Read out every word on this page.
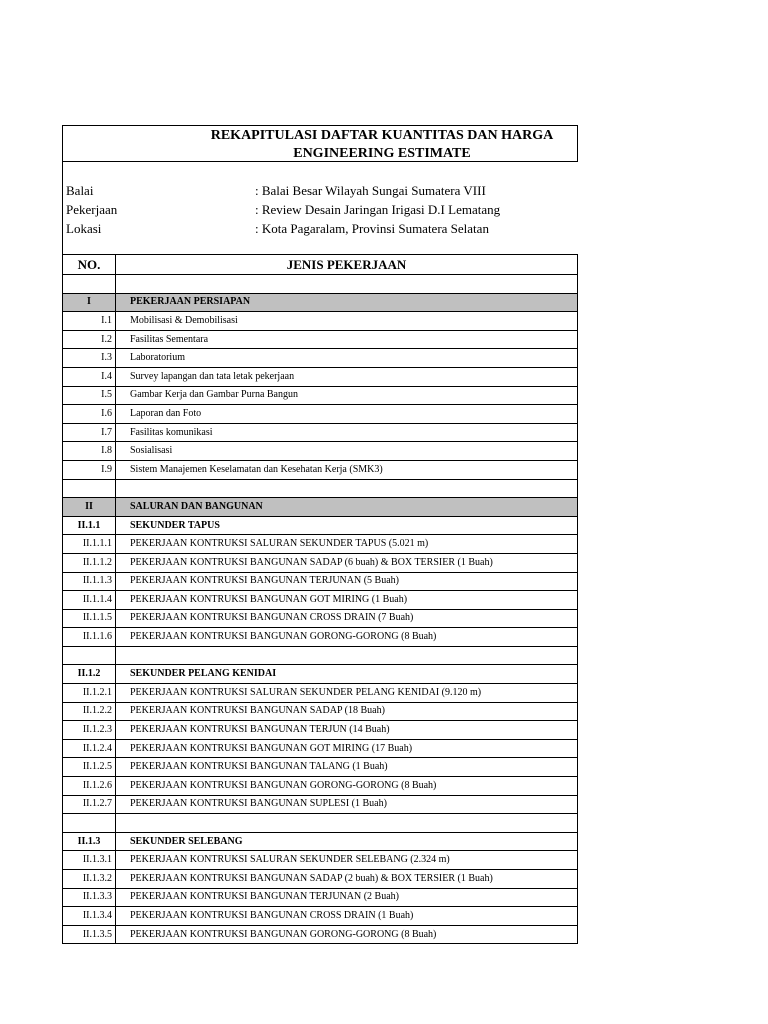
REKAPITULASI DAFTAR KUANTITAS DAN HARGA
ENGINEERING ESTIMATE
Balai	: Balai Besar Wilayah Sungai Sumatera VIII
Pekerjaan	: Review Desain Jaringan Irigasi D.I Lematang
Lokasi	: Kota Pagaralam, Provinsi Sumatera Selatan
NO.	JENIS PEKERJAAN

I	PEKERJAAN PERSIAPAN
I.1	Mobilisasi & Demobilisasi
I.2	Fasilitas Sementara
I.3	Laboratorium
I.4	Survey lapangan dan tata letak pekerjaan
I.5	Gambar Kerja dan Gambar Purna Bangun
I.6	Laporan dan Foto
I.7	Fasilitas komunikasi
I.8	Sosialisasi
I.9	Sistem Manajemen Keselamatan dan Kesehatan Kerja (SMK3)

II	SALURAN DAN BANGUNAN
II.1.1	SEKUNDER TAPUS
II.1.1.1	PEKERJAAN KONTRUKSI SALURAN SEKUNDER TAPUS (5.021 m)
II.1.1.2	PEKERJAAN KONTRUKSI BANGUNAN SADAP (6 buah) & BOX TERSIER (1 Buah)
II.1.1.3	PEKERJAAN KONTRUKSI BANGUNAN TERJUNAN (5 Buah)
II.1.1.4	PEKERJAAN KONTRUKSI BANGUNAN GOT MIRING (1 Buah)
II.1.1.5	PEKERJAAN KONTRUKSI BANGUNAN CROSS DRAIN (7 Buah)
II.1.1.6	PEKERJAAN KONTRUKSI BANGUNAN GORONG-GORONG (8 Buah)

II.1.2	SEKUNDER PELANG KENIDAI
II.1.2.1	PEKERJAAN KONTRUKSI SALURAN SEKUNDER PELANG KENIDAI (9.120 m)
II.1.2.2	PEKERJAAN KONTRUKSI BANGUNAN SADAP (18 Buah)
II.1.2.3	PEKERJAAN KONTRUKSI BANGUNAN TERJUN (14 Buah)
II.1.2.4	PEKERJAAN KONTRUKSI BANGUNAN GOT MIRING (17 Buah)
II.1.2.5	PEKERJAAN KONTRUKSI BANGUNAN TALANG (1 Buah)
II.1.2.6	PEKERJAAN KONTRUKSI BANGUNAN GORONG-GORONG (8 Buah)
II.1.2.7	PEKERJAAN KONTRUKSI BANGUNAN SUPLESI (1 Buah)

II.1.3	SEKUNDER SELEBANG
II.1.3.1	PEKERJAAN KONTRUKSI SALURAN SEKUNDER SELEBANG (2.324 m)
II.1.3.2	PEKERJAAN KONTRUKSI BANGUNAN SADAP (2 buah) & BOX TERSIER (1 Buah)
II.1.3.3	PEKERJAAN KONTRUKSI BANGUNAN TERJUNAN (2 Buah)
II.1.3.4	PEKERJAAN KONTRUKSI BANGUNAN CROSS DRAIN (1 Buah)
II.1.3.5	PEKERJAAN KONTRUKSI BANGUNAN GORONG-GORONG (8 Buah)
